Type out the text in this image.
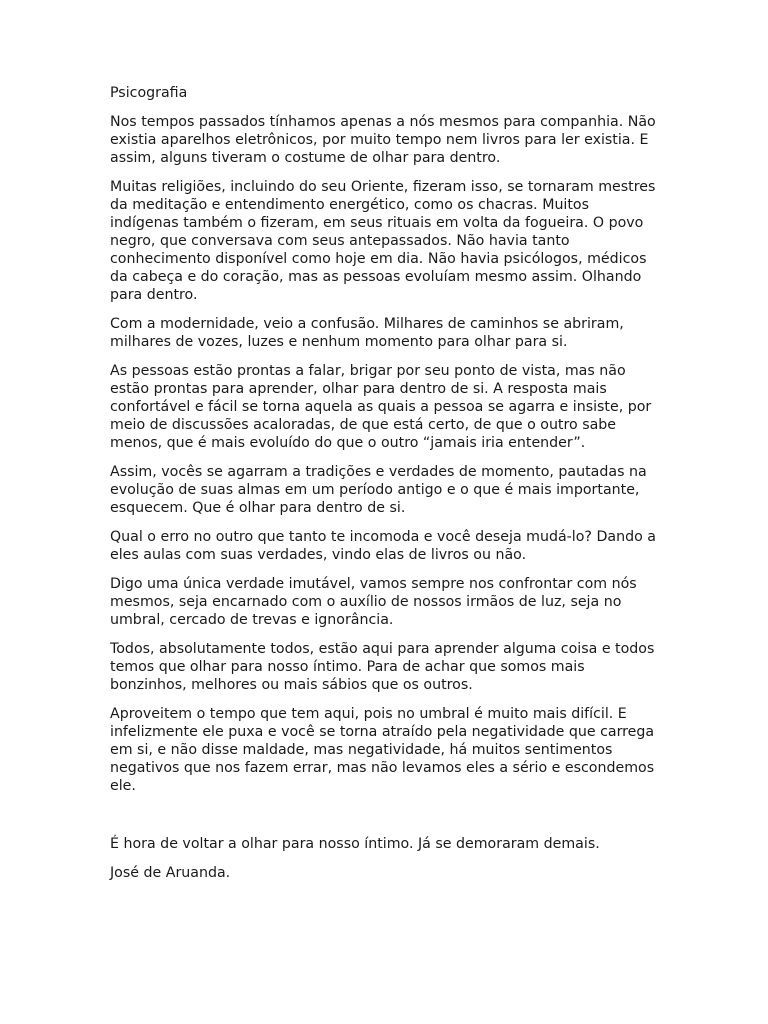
Psicografia

Nos tempos passados tínhamos apenas a nós mesmos para companhia. Não existia aparelhos eletrônicos, por muito tempo nem livros para ler existia. E assim, alguns tiveram o costume de olhar para dentro.

Muitas religiões, incluindo do seu Oriente, fizeram isso, se tornaram mestres da meditação e entendimento energético, como os chacras. Muitos indígenas também o fizeram, em seus rituais em volta da fogueira. O povo negro, que conversava com seus antepassados. Não havia tanto conhecimento disponível como hoje em dia. Não havia psicólogos, médicos da cabeça e do coração, mas as pessoas evoluíam mesmo assim. Olhando para dentro.

Com a modernidade, veio a confusão. Milhares de caminhos se abriram, milhares de vozes, luzes e nenhum momento para olhar para si.

As pessoas estão prontas a falar, brigar por seu ponto de vista, mas não estão prontas para aprender, olhar para dentro de si. A resposta mais confortável e fácil se torna aquela as quais a pessoa se agarra e insiste, por meio de discussões acaloradas, de que está certo, de que o outro sabe menos, que é mais evoluído do que o outro “jamais iria entender”.

Assim, vocês se agarram a tradições e verdades de momento, pautadas na evolução de suas almas em um período antigo e o que é mais importante, esquecem. Que é olhar para dentro de si.

Qual o erro no outro que tanto te incomoda e você deseja mudá-lo? Dando a eles aulas com suas verdades, vindo elas de livros ou não.

Digo uma única verdade imutável, vamos sempre nos confrontar com nós mesmos, seja encarnado com o auxílio de nossos irmãos de luz, seja no umbral, cercado de trevas e ignorância.

Todos, absolutamente todos, estão aqui para aprender alguma coisa e todos temos que olhar para nosso íntimo. Para de achar que somos mais bonzinhos, melhores ou mais sábios que os outros.

Aproveitem o tempo que tem aqui, pois no umbral é muito mais difícil. E infelizmente ele puxa e você se torna atraído pela negatividade que carrega em si, e não disse maldade, mas negatividade, há muitos sentimentos negativos que nos fazem errar, mas não levamos eles a sério e escondemos ele.

É hora de voltar a olhar para nosso íntimo. Já se demoraram demais.

José de Aruanda.
